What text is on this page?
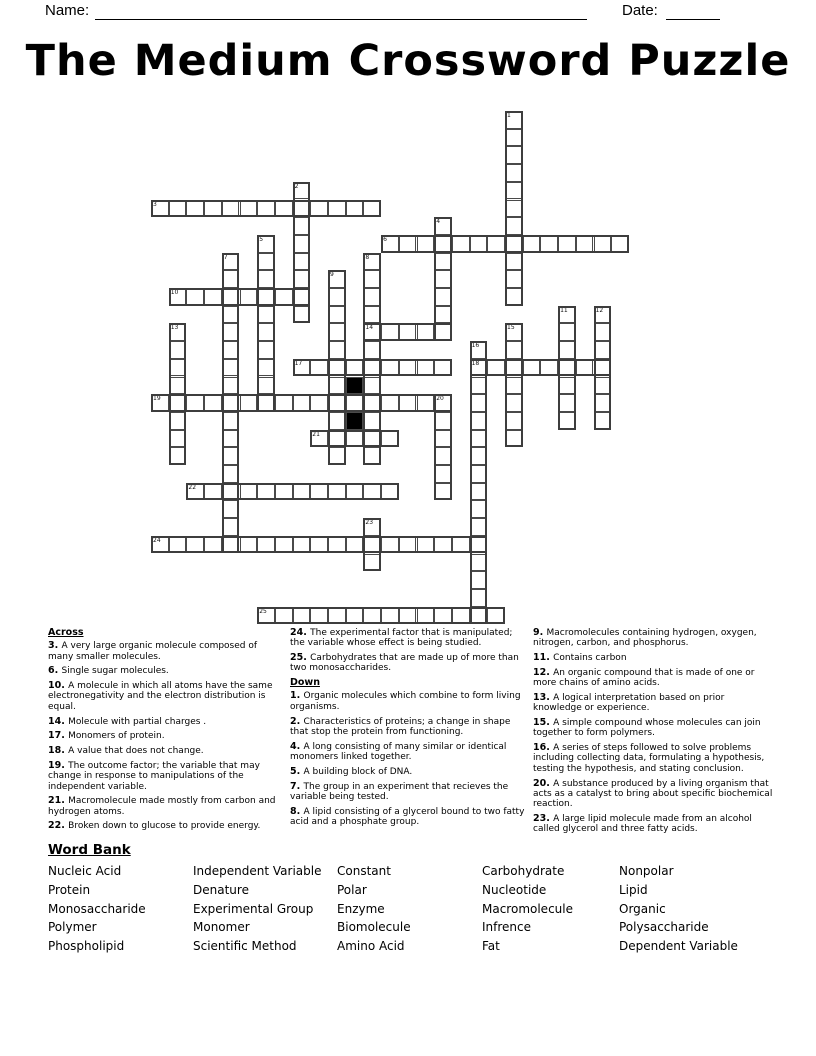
Name:	Date:
The Medium Crossword Puzzle
1
2
3
4
5	6
7	8
14
9
10
11	12
13	15
16
18
17
19	20
21
22
23
24
25
Across
3. A very large organic molecule composed of many smaller molecules.
6. Single sugar molecules.
10. A molecule in which all atoms have the same electronegativity and the electron distribution is equal.
14. Molecule with partial charges .
17. Monomers of protein.
18. A value that does not change.
19. The outcome factor; the variable that may change in response to manipulations of the independent variable.
21. Macromolecule made mostly from carbon and hydrogen atoms.
22. Broken down to glucose to provide energy.
24. The experimental factor that is manipulated; the variable whose effect is being studied.
25. Carbohydrates that are made up of more than two monosaccharides.
Down
1. Organic molecules which combine to form living organisms.
2. Characteristics of proteins; a change in shape that stop the protein from functioning.
4. A long consisting of many similar or identical monomers linked together.
5. A building block of DNA.
7. The group in an experiment that recieves the variable being tested.
8. A lipid consisting of a glycerol bound to two fatty acid and a phosphate group.
9. Macromolecules containing hydrogen, oxygen, nitrogen, carbon, and phosphorus.
11. Contains carbon
12. An organic compound that is made of one or more chains of amino acids.
13. A logical interpretation based on prior knowledge or experience.
15. A simple compound whose molecules can join together to form polymers.
16. A series of steps followed to solve problems including collecting data, formulating a hypothesis, testing the hypothesis, and stating conclusion.
20. A substance produced by a living organism that acts as a catalyst to bring about specific biochemical reaction.
23. A large lipid molecule made from an alcohol called glycerol and three fatty acids.
Word Bank
Nucleic Acid
Protein
Monosaccharide
Polymer
Phospholipid
Independent Variable
Denature
Experimental Group
Monomer
Scientific Method
Constant
Polar
Enzyme
Biomolecule
Amino Acid
Carbohydrate
Nucleotide
Macromolecule
Infrence
Fat
Nonpolar
Lipid
Organic
Polysaccharide
Dependent Variable
